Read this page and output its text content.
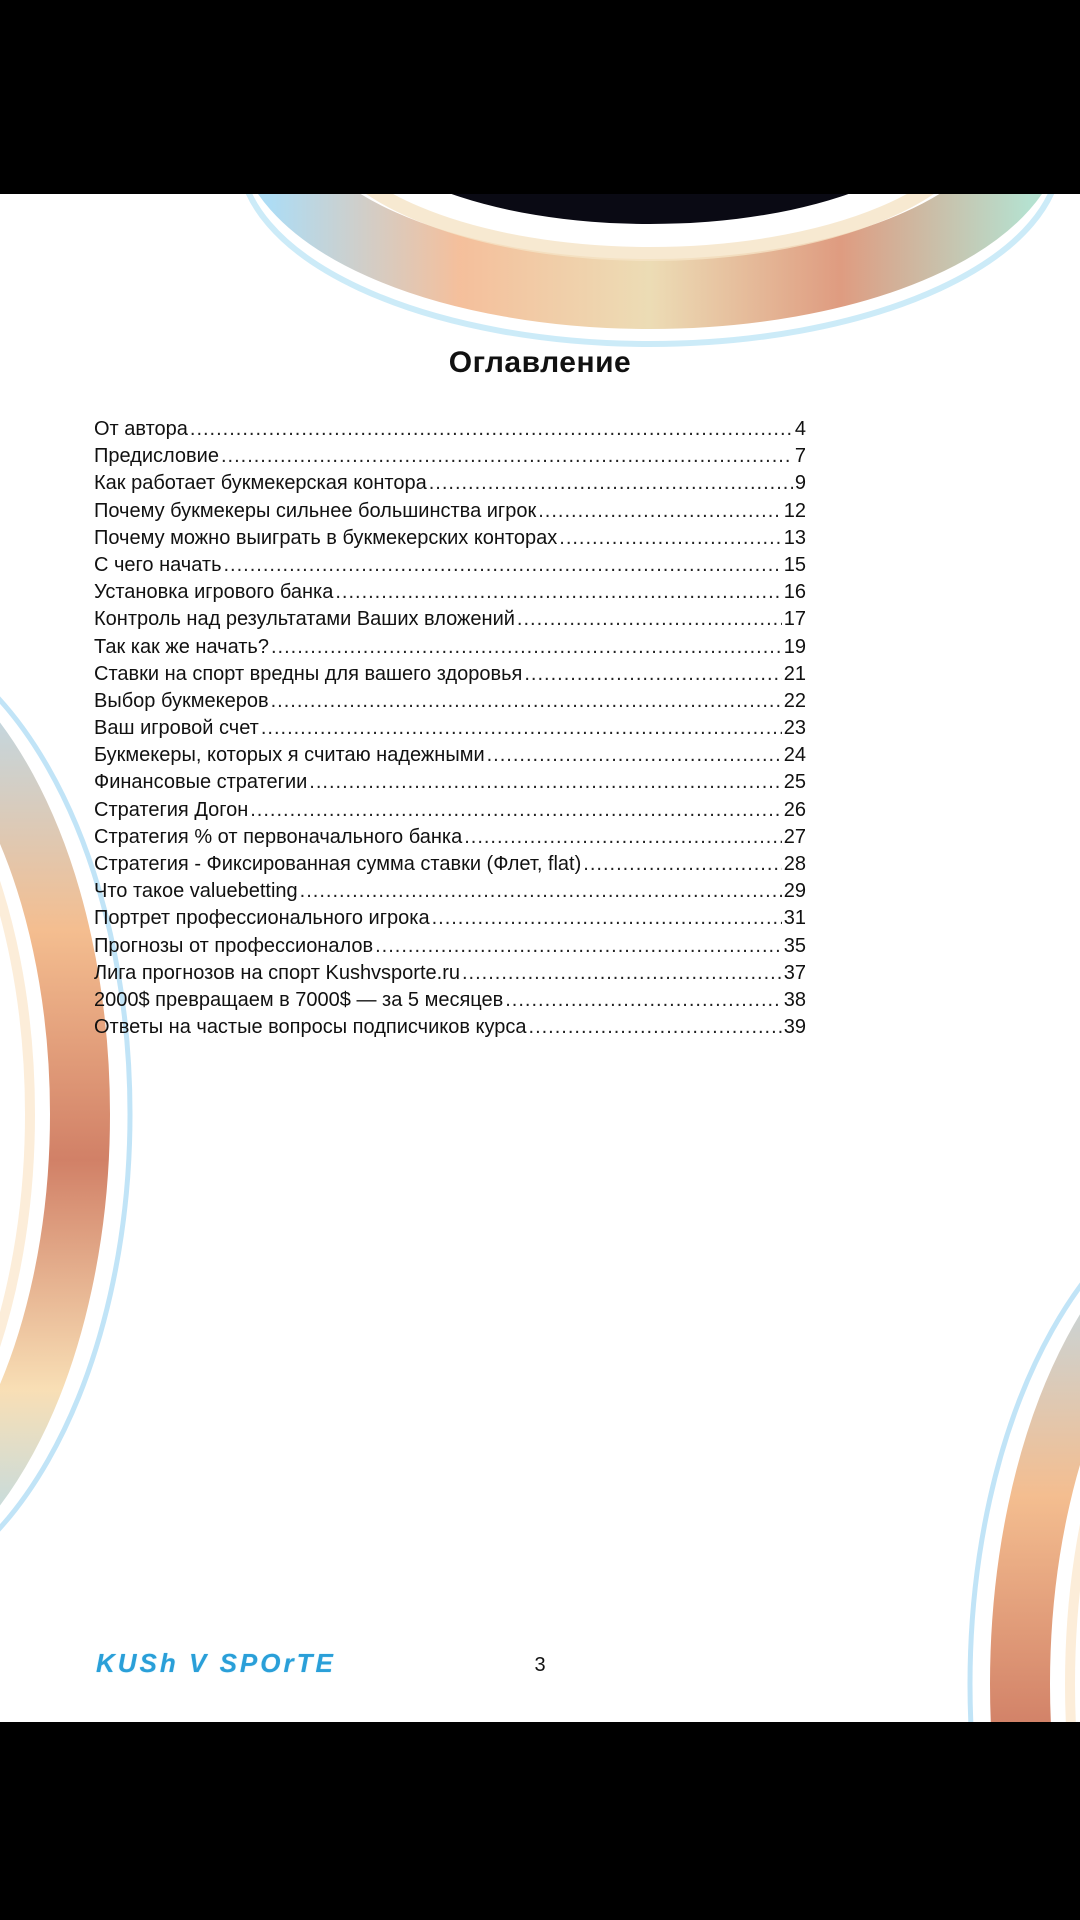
Оглавление
От автора .....	4
Предисловие .....	7
Как работает букмекерская контора .....	9
Почему букмекеры сильнее большинства игрок .....	12
Почему можно выиграть в букмекерских конторах .....	13
С чего начать .....	15
Установка игрового банка .....	16
Контроль над результатами Ваших вложений .....	17
Так как же начать? .....	19
Ставки на спорт вредны для вашего здоровья .....	21
Выбор букмекеров .....	22
Ваш игровой счет .....	23
Букмекеры, которых я считаю надежными .....	24
Финансовые стратегии .....	25
Стратегия Догон .....	26
Стратегия % от первоначального банка .....	27
Стратегия - Фиксированная сумма ставки (Флет, flat) .....	28
Что такое valuebetting .....	29
Портрет профессионального игрока .....	31
Прогнозы от профессионалов .....	35
Лига прогнозов на спорт Kushvsporte.ru .....	37
2000$ превращаем в 7000$ — за 5 месяцев .....	38
Ответы на частые вопросы подписчиков курса .....	39
KUSh V SPOrTE	3
